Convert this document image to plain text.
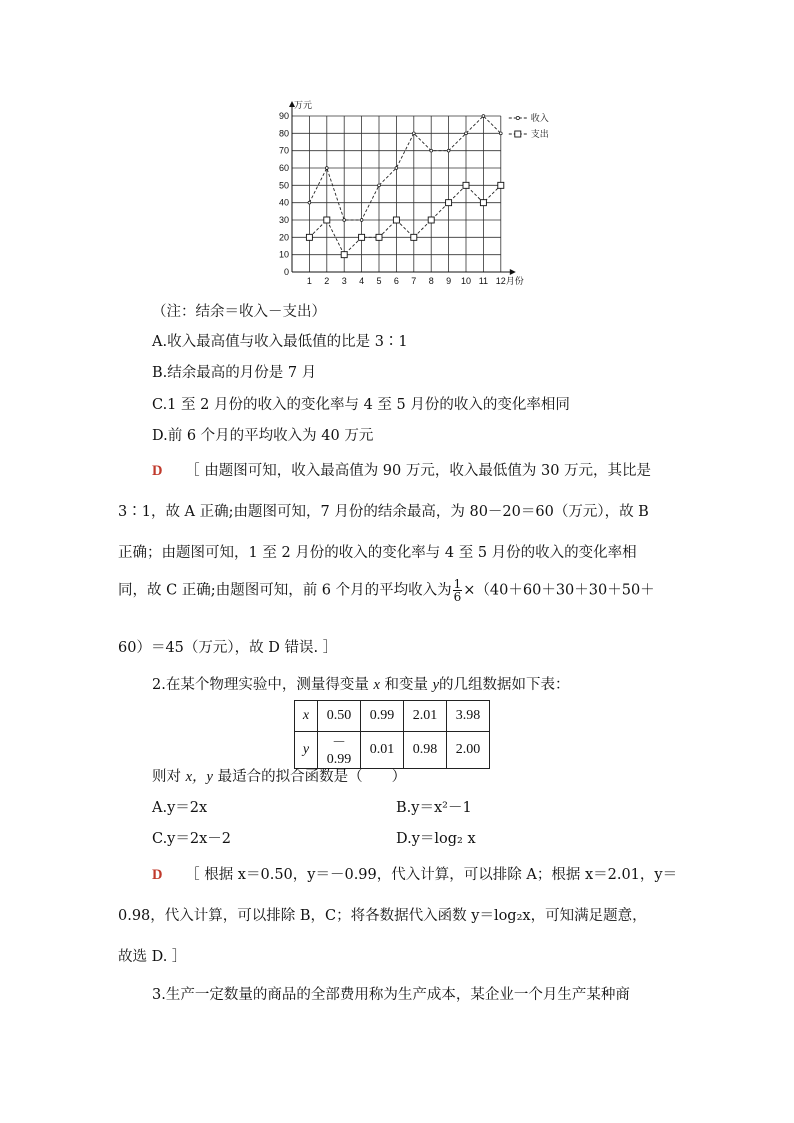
0
10
20
30
40
50
60
70
80
90
1 2 3 4 5 6 7 8 9 10 11 12月份
万元
收入
支出
（注：结余＝收入－支出）
A.收入最高值与收入最低值的比是 3∶1
B.结余最高的月份是 7 月
C.1 至 2 月份的收入的变化率与 4 至 5 月份的收入的变化率相同
D.前 6 个月的平均收入为 40 万元
D ［ 由题图可知，收入最高值为 90 万元，收入最低值为 30 万元，其比是
3∶1，故 A 正确;由题图可知，7 月份的结余最高，为 80－20＝60（万元），故 B
正确；由题图可知，1 至 2 月份的收入的变化率与 4 至 5 月份的收入的变化率相
同，故 C 正确;由题图可知，前 6 个月的平均收入为 $\frac{1}{6} \times(40+60+30+30+50+$
60）＝45（万元），故 D 错误. ］
2.在某个物理实验中，测量得变量 x 和变量 y的几组数据如下表：
x	0.50	0.99	2.01	3.98
y	－0.99	0.01	0.98	2.00
则对 x，y 最适合的拟合函数是（　　）
A.y＝2x	B.y＝x²－1
C.y＝2x－2	D.y＝log₂ x
D ［ 根据 x＝0.50，y＝－0.99，代入计算，可以排除 A；根据 x＝2.01，y＝
0.98，代入计算，可以排除 B，C；将各数据代入函数 y＝log₂x，可知满足题意，
故选 D. ］
3.生产一定数量的商品的全部费用称为生产成本，某企业一个月生产某种商
